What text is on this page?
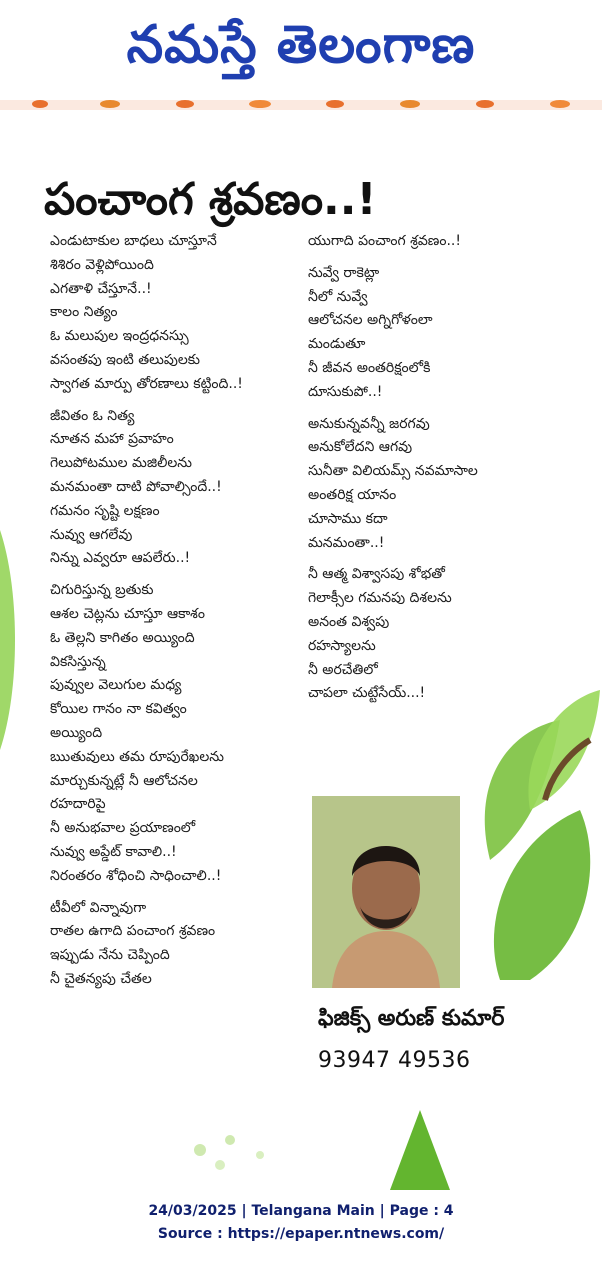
నమస్తే తెలంగాణ
పంచాంగ శ్రవణం..!
ఎండుటాకుల బాధలు చూస్తూనే
శిశిరం వెళ్లిపోయింది
ఎగతాళి చేస్తూనే..!
కాలం నిత్యం
ఓ మలుపుల ఇంద్రధనస్సు
వసంతపు ఇంటి తలుపులకు
స్వాగత మార్పు తోరణాలు కట్టింది..!
జీవితం ఓ నిత్య
నూతన మహా ప్రవాహం
గెలుపోటముల మజిలీలను
మనమంతా దాటి పోవాల్సిందే..!
గమనం సృష్టి లక్షణం
నువ్వు ఆగలేవు
నిన్ను ఎవ్వరూ ఆపలేరు..!
చిగురిస్తున్న బ్రతుకు
ఆశల చెట్లను చూస్తూ ఆకాశం
ఓ తెల్లని కాగితం అయ్యింది
వికసిస్తున్న
పువ్వుల వెలుగుల మధ్య
కోయిల గానం నా కవిత్వం
అయ్యింది
ఋతువులు తమ రూపురేఖలను
మార్చుకున్నట్లే నీ ఆలోచనల
రహదారిపై
నీ అనుభవాల ప్రయాణంలో
నువ్వు అప్డేట్ కావాలి..!
నిరంతరం శోధించి సాధించాలి..!
టీవీలో విన్నావుగా
రాతల ఉగాది పంచాంగ శ్రవణం
ఇప్పుడు నేను చెప్పింది
నీ చైతన్యపు చేతల
యుగాది పంచాంగ శ్రవణం..!
నువ్వే రాకెట్లా
నీలో నువ్వే
ఆలోచనల అగ్నిగోళంలా
మండుతూ
నీ జీవన అంతరిక్షంలోకి
దూసుకుపో..!
అనుకున్నవన్నీ జరగవు
అనుకోలేదని ఆగవు
సునీతా విలియమ్స్ నవమాసాల
అంతరిక్ష యానం
చూసాము కదా
మనమంతా..!
నీ ఆత్మ విశ్వాసపు శోభతో
గెలాక్సీల గమనపు దిశలను
అనంత విశ్వపు
రహస్యాలను
నీ అరచేతిలో
చాపలా చుట్టేసేయ్...!
ఫిజిక్స్ అరుణ్ కుమార్
93947 49536
24/03/2025 | Telangana Main | Page : 4
Source : https://epaper.ntnews.com/
